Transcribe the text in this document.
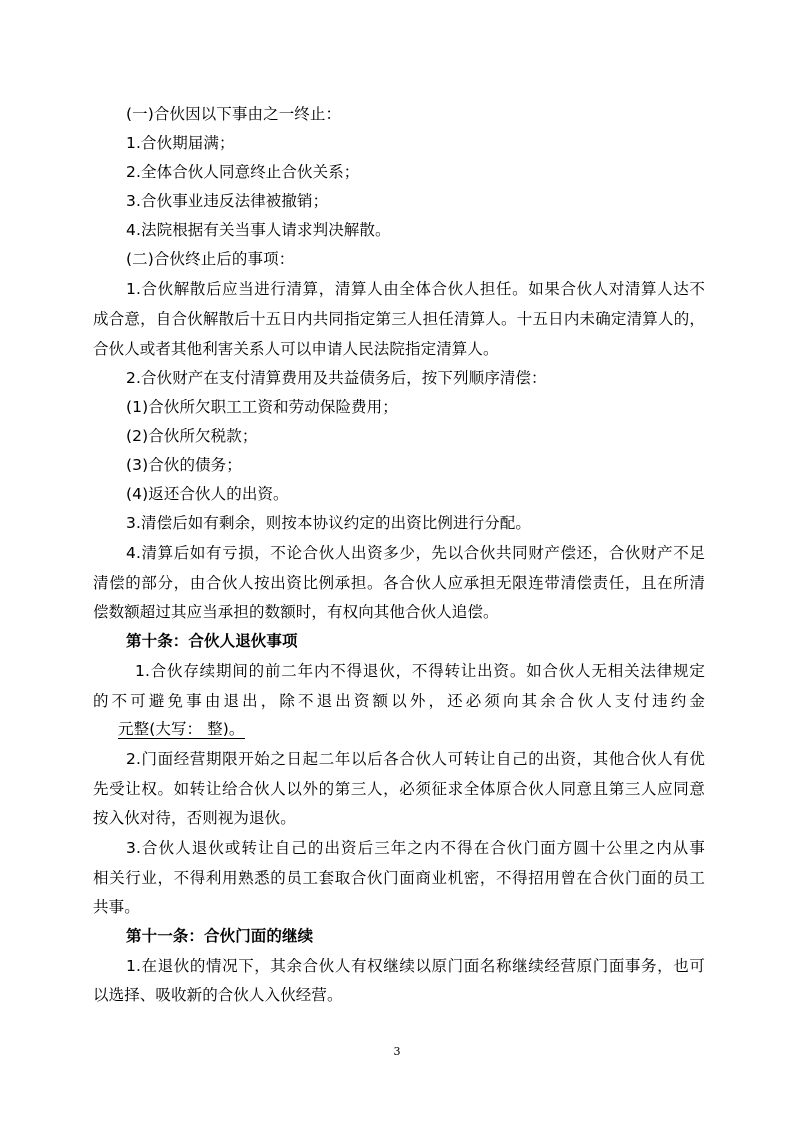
(一)合伙因以下事由之一终止：
1.合伙期届满；
2.全体合伙人同意终止合伙关系；
3.合伙事业违反法律被撤销；
4.法院根据有关当事人请求判决解散。
(二)合伙终止后的事项：
1.合伙解散后应当进行清算，清算人由全体合伙人担任。如果合伙人对清算人达不
成合意，自合伙解散后十五日内共同指定第三人担任清算人。十五日内未确定清算人的，
合伙人或者其他利害关系人可以申请人民法院指定清算人。
2.合伙财产在支付清算费用及共益债务后，按下列顺序清偿：
(1)合伙所欠职工工资和劳动保险费用；
(2)合伙所欠税款；
(3)合伙的债务；
(4)返还合伙人的出资。
3.清偿后如有剩余，则按本协议约定的出资比例进行分配。
4.清算后如有亏损，不论合伙人出资多少，先以合伙共同财产偿还，合伙财产不足
清偿的部分，由合伙人按出资比例承担。各合伙人应承担无限连带清偿责任，且在所清
偿数额超过其应当承担的数额时，有权向其他合伙人追偿。
第十条：合伙人退伙事项
1.合伙存续期间的前二年内不得退伙，不得转让出资。如合伙人无相关法律规定
的不可避免事由退出，除不退出资额以外，还必须向其余合伙人支付违约金
元整(大写： 整)。
2.门面经营期限开始之日起二年以后各合伙人可转让自己的出资，其他合伙人有优
先受让权。如转让给合伙人以外的第三人，必须征求全体原合伙人同意且第三人应同意
按入伙对待，否则视为退伙。
3.合伙人退伙或转让自己的出资后三年之内不得在合伙门面方圆十公里之内从事
相关行业，不得利用熟悉的员工套取合伙门面商业机密，不得招用曾在合伙门面的员工
共事。
第十一条：合伙门面的继续
1.在退伙的情况下，其余合伙人有权继续以原门面名称继续经营原门面事务，也可
以选择、吸收新的合伙人入伙经营。
3
